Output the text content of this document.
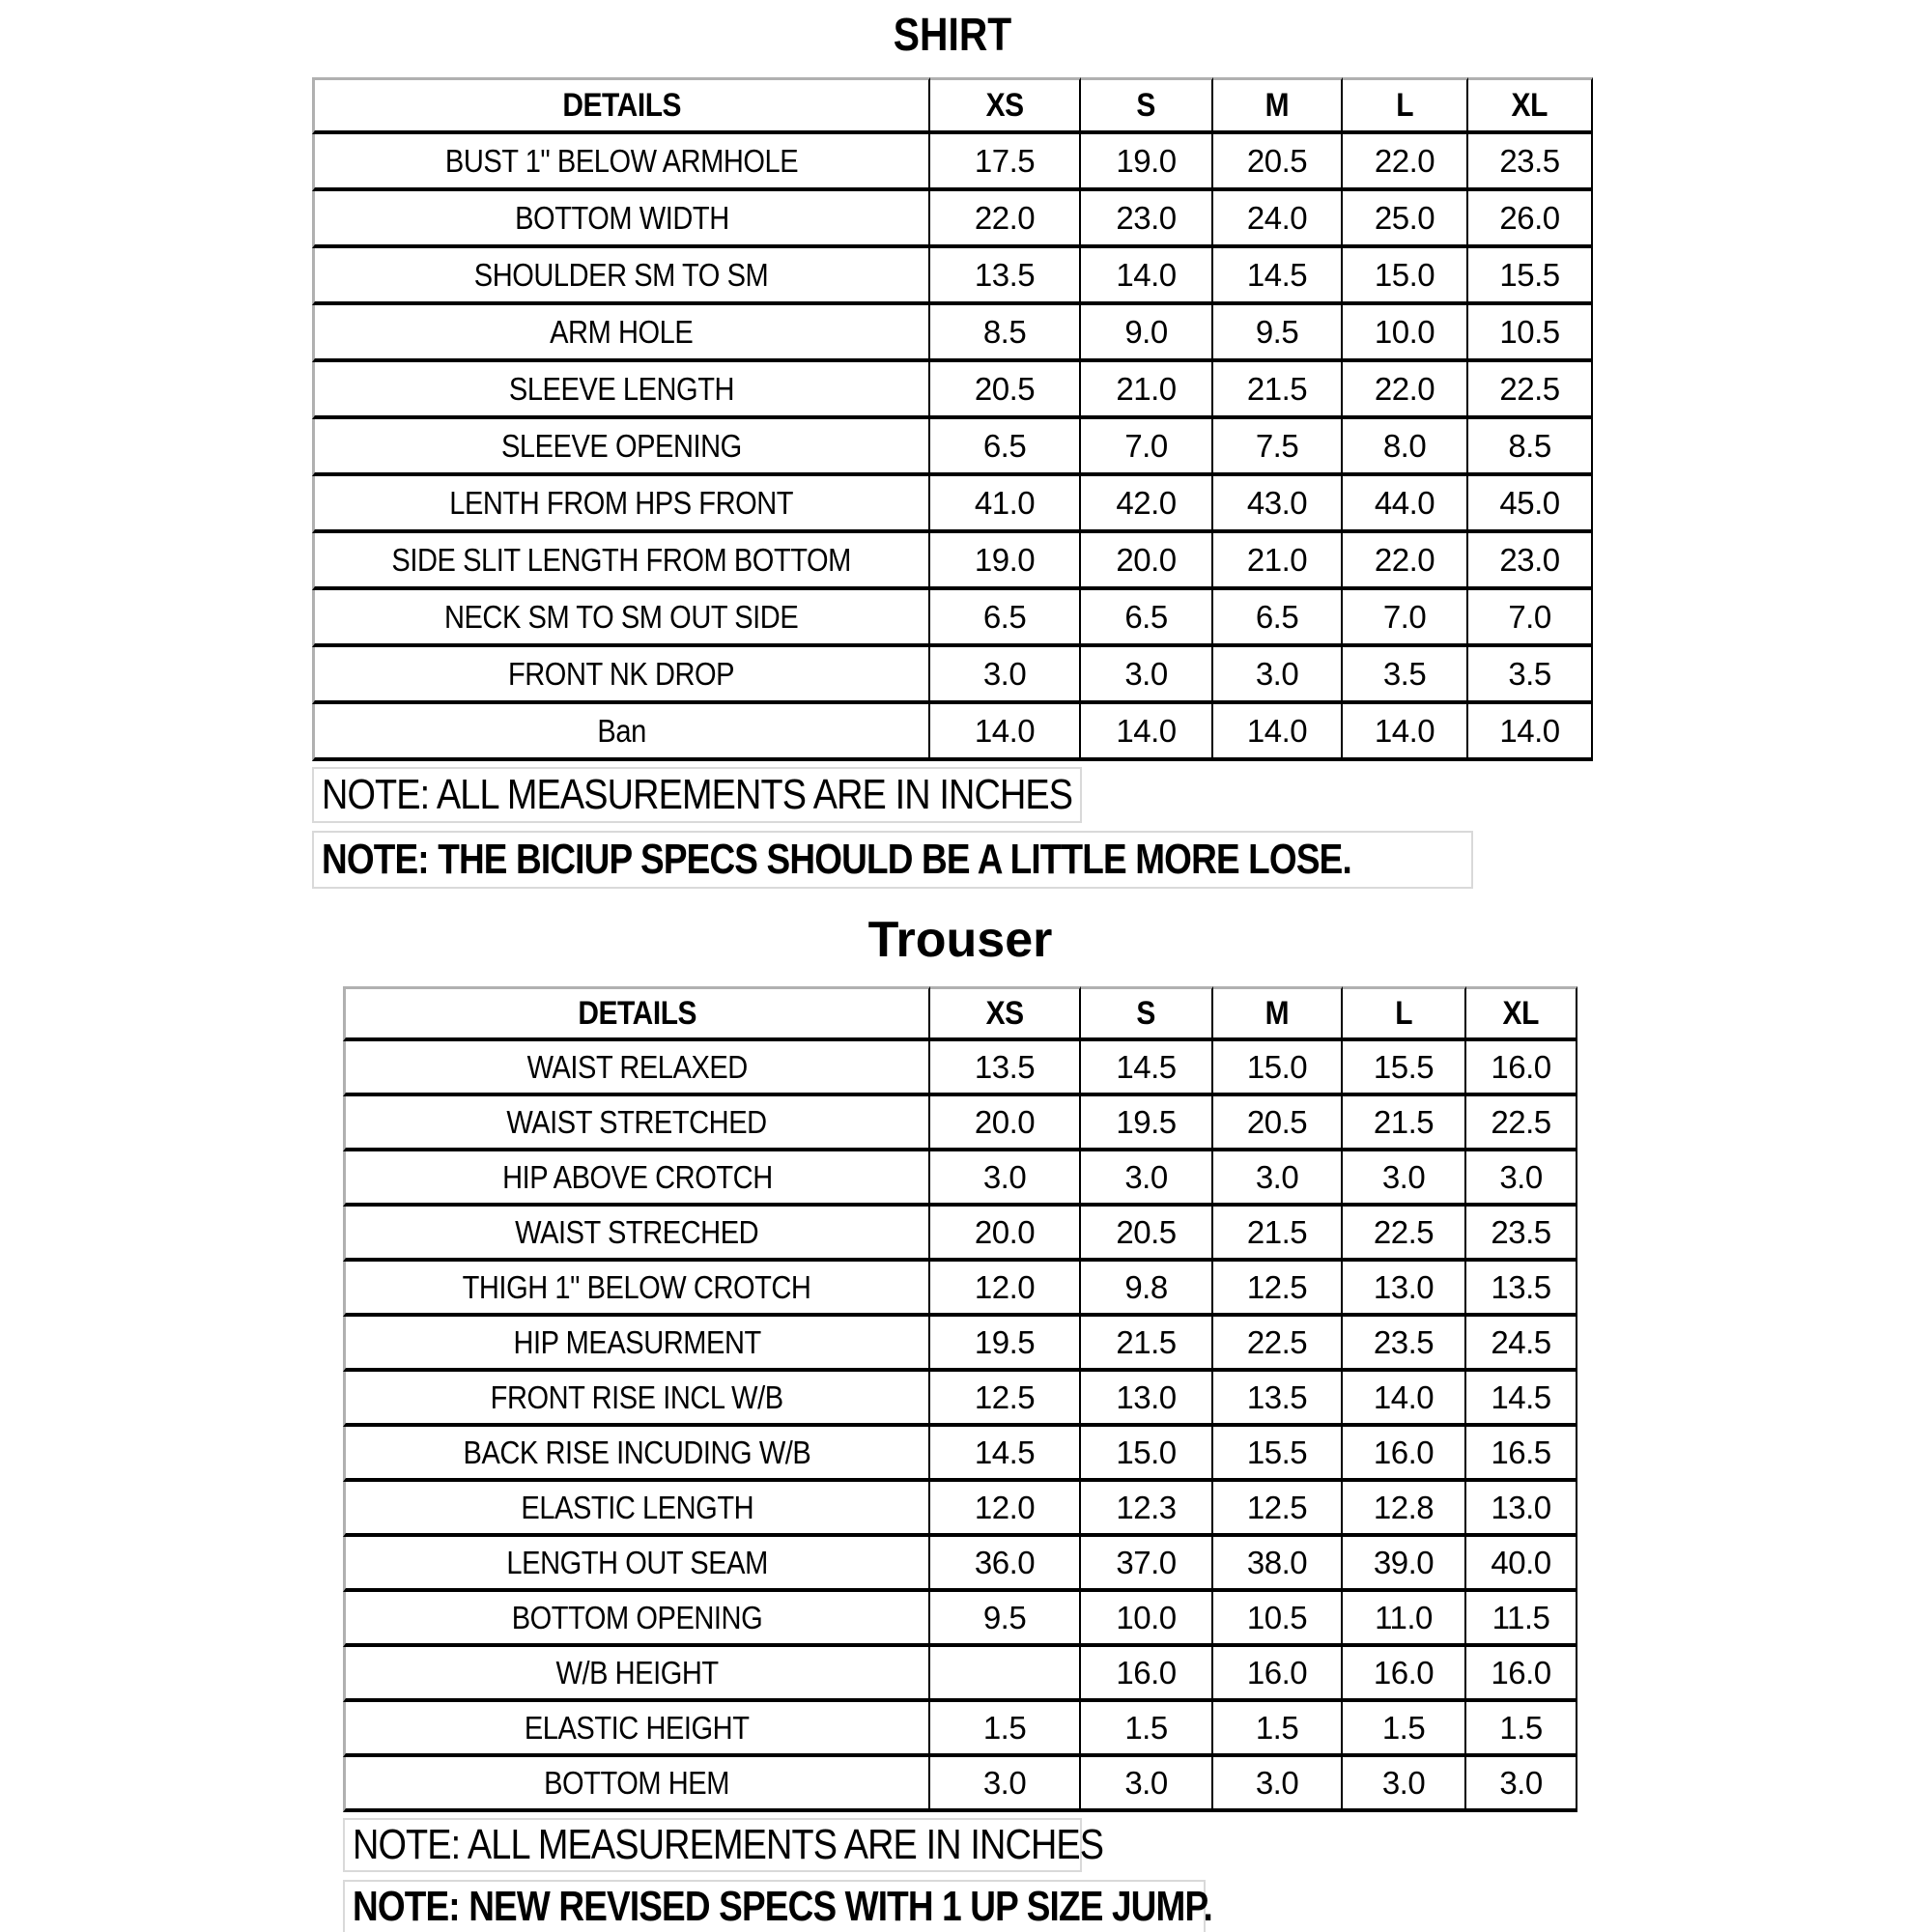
SHIRT
DETAILS	XS	S	M	L	XL
BUST 1" BELOW ARMHOLE	17.5	19.0	20.5	22.0	23.5
BOTTOM WIDTH	22.0	23.0	24.0	25.0	26.0
SHOULDER SM TO SM	13.5	14.0	14.5	15.0	15.5
ARM HOLE	8.5	9.0	9.5	10.0	10.5
SLEEVE LENGTH	20.5	21.0	21.5	22.0	22.5
SLEEVE OPENING	6.5	7.0	7.5	8.0	8.5
LENTH FROM HPS FRONT	41.0	42.0	43.0	44.0	45.0
SIDE SLIT LENGTH FROM BOTTOM	19.0	20.0	21.0	22.0	23.0
NECK SM TO SM OUT SIDE	6.5	6.5	6.5	7.0	7.0
FRONT NK DROP	3.0	3.0	3.0	3.5	3.5
Ban	14.0	14.0	14.0	14.0	14.0
NOTE: ALL MEASUREMENTS ARE IN INCHES
NOTE: THE BICIUP SPECS SHOULD BE A LITTLE MORE LOSE.
Trouser
DETAILS	XS	S	M	L	XL
WAIST RELAXED	13.5	14.5	15.0	15.5	16.0
WAIST STRETCHED	20.0	19.5	20.5	21.5	22.5
HIP ABOVE CROTCH	3.0	3.0	3.0	3.0	3.0
WAIST STRECHED	20.0	20.5	21.5	22.5	23.5
THIGH 1" BELOW CROTCH	12.0	9.8	12.5	13.0	13.5
HIP MEASURMENT	19.5	21.5	22.5	23.5	24.5
FRONT RISE INCL W/B	12.5	13.0	13.5	14.0	14.5
BACK RISE INCUDING W/B	14.5	15.0	15.5	16.0	16.5
ELASTIC LENGTH	12.0	12.3	12.5	12.8	13.0
LENGTH OUT SEAM	36.0	37.0	38.0	39.0	40.0
BOTTOM OPENING	9.5	10.0	10.5	11.0	11.5
W/B HEIGHT		16.0	16.0	16.0	16.0
ELASTIC HEIGHT	1.5	1.5	1.5	1.5	1.5
BOTTOM HEM	3.0	3.0	3.0	3.0	3.0
NOTE: ALL MEASUREMENTS ARE IN INCHES
NOTE: NEW REVISED SPECS WITH 1 UP SIZE JUMP.
